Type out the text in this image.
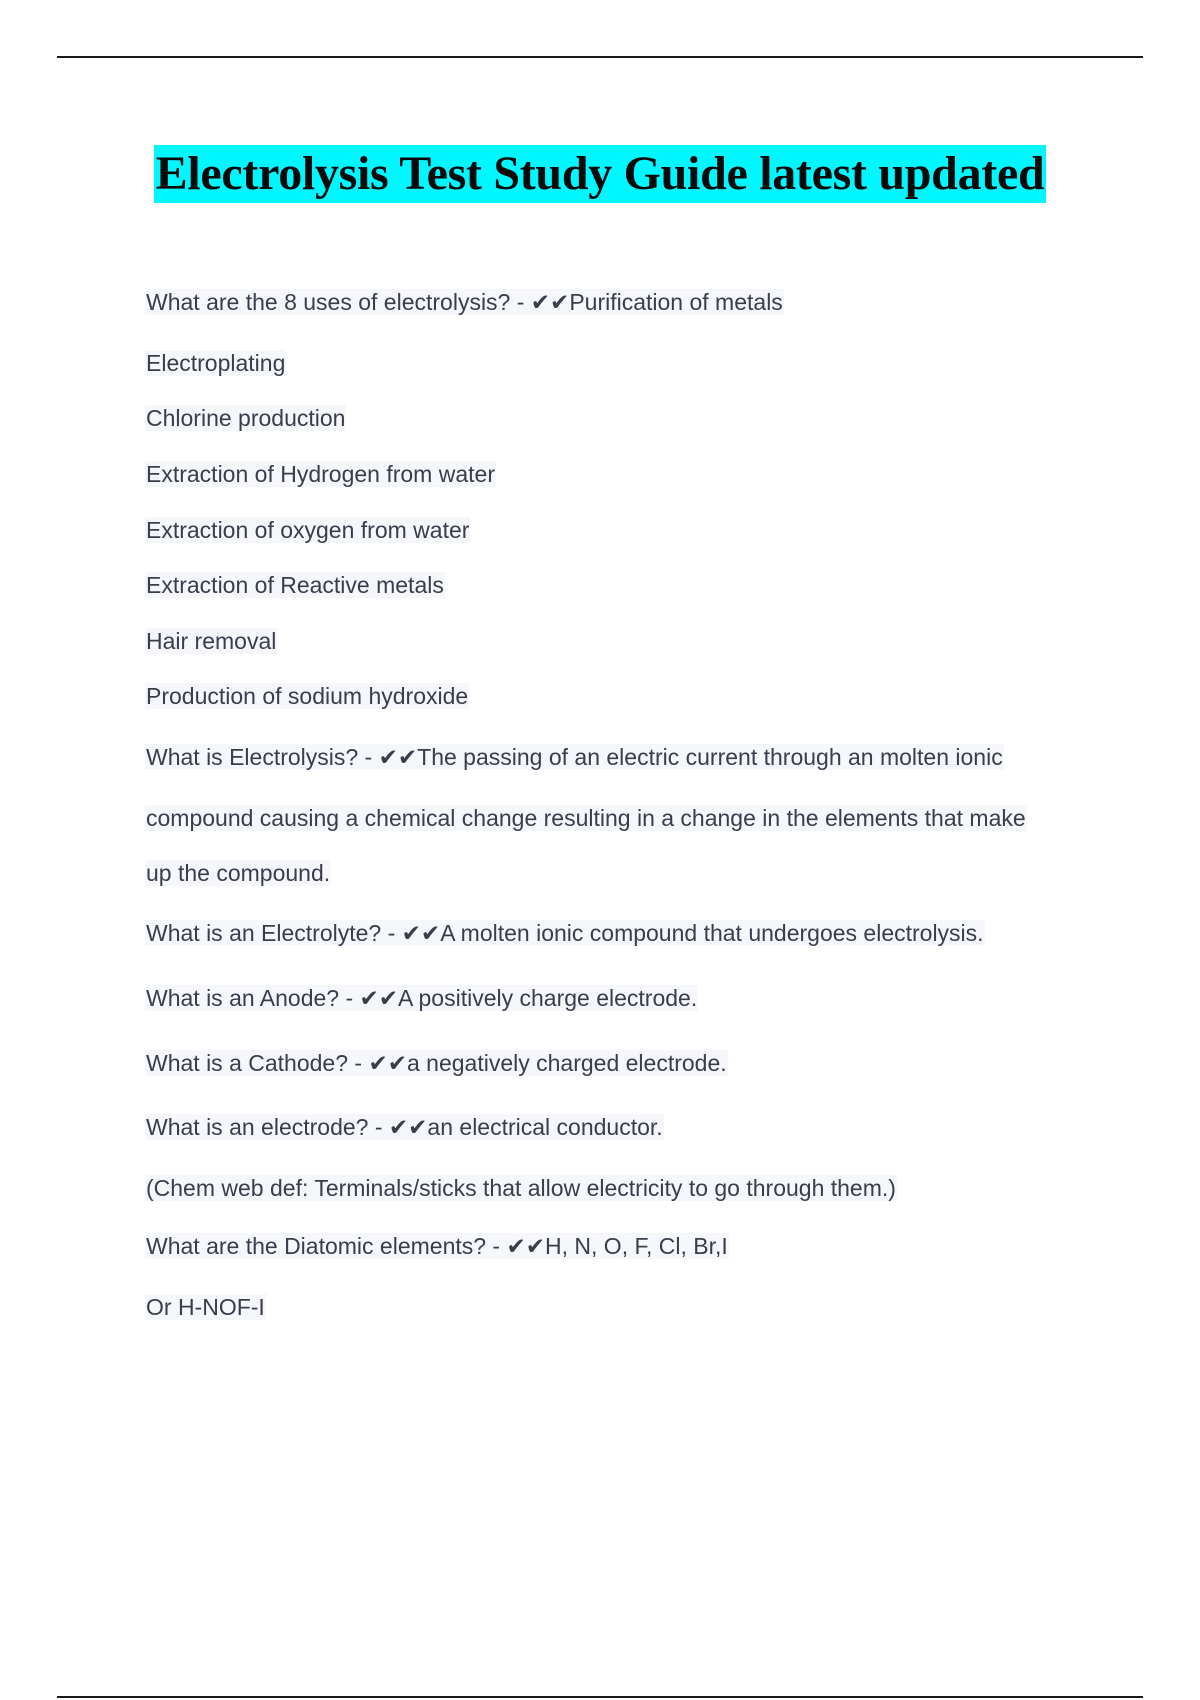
Electrolysis Test Study Guide latest updated
What are the 8 uses of electrolysis? - ✔✔Purification of metals
Electroplating
Chlorine production
Extraction of Hydrogen from water
Extraction of oxygen from water
Extraction of Reactive metals
Hair removal
Production of sodium hydroxide
What is Electrolysis? - ✔✔The passing of an electric current through an molten ionic
compound causing a chemical change resulting in a change in the elements that make
up the compound.
What is an Electrolyte? - ✔✔A molten ionic compound that undergoes electrolysis.
What is an Anode? - ✔✔A positively charge electrode.
What is a Cathode? - ✔✔a negatively charged electrode.
What is an electrode? - ✔✔an electrical conductor.
(Chem web def: Terminals/sticks that allow electricity to go through them.)
What are the Diatomic elements? - ✔✔H, N, O, F, Cl, Br,I
Or H-NOF-I
